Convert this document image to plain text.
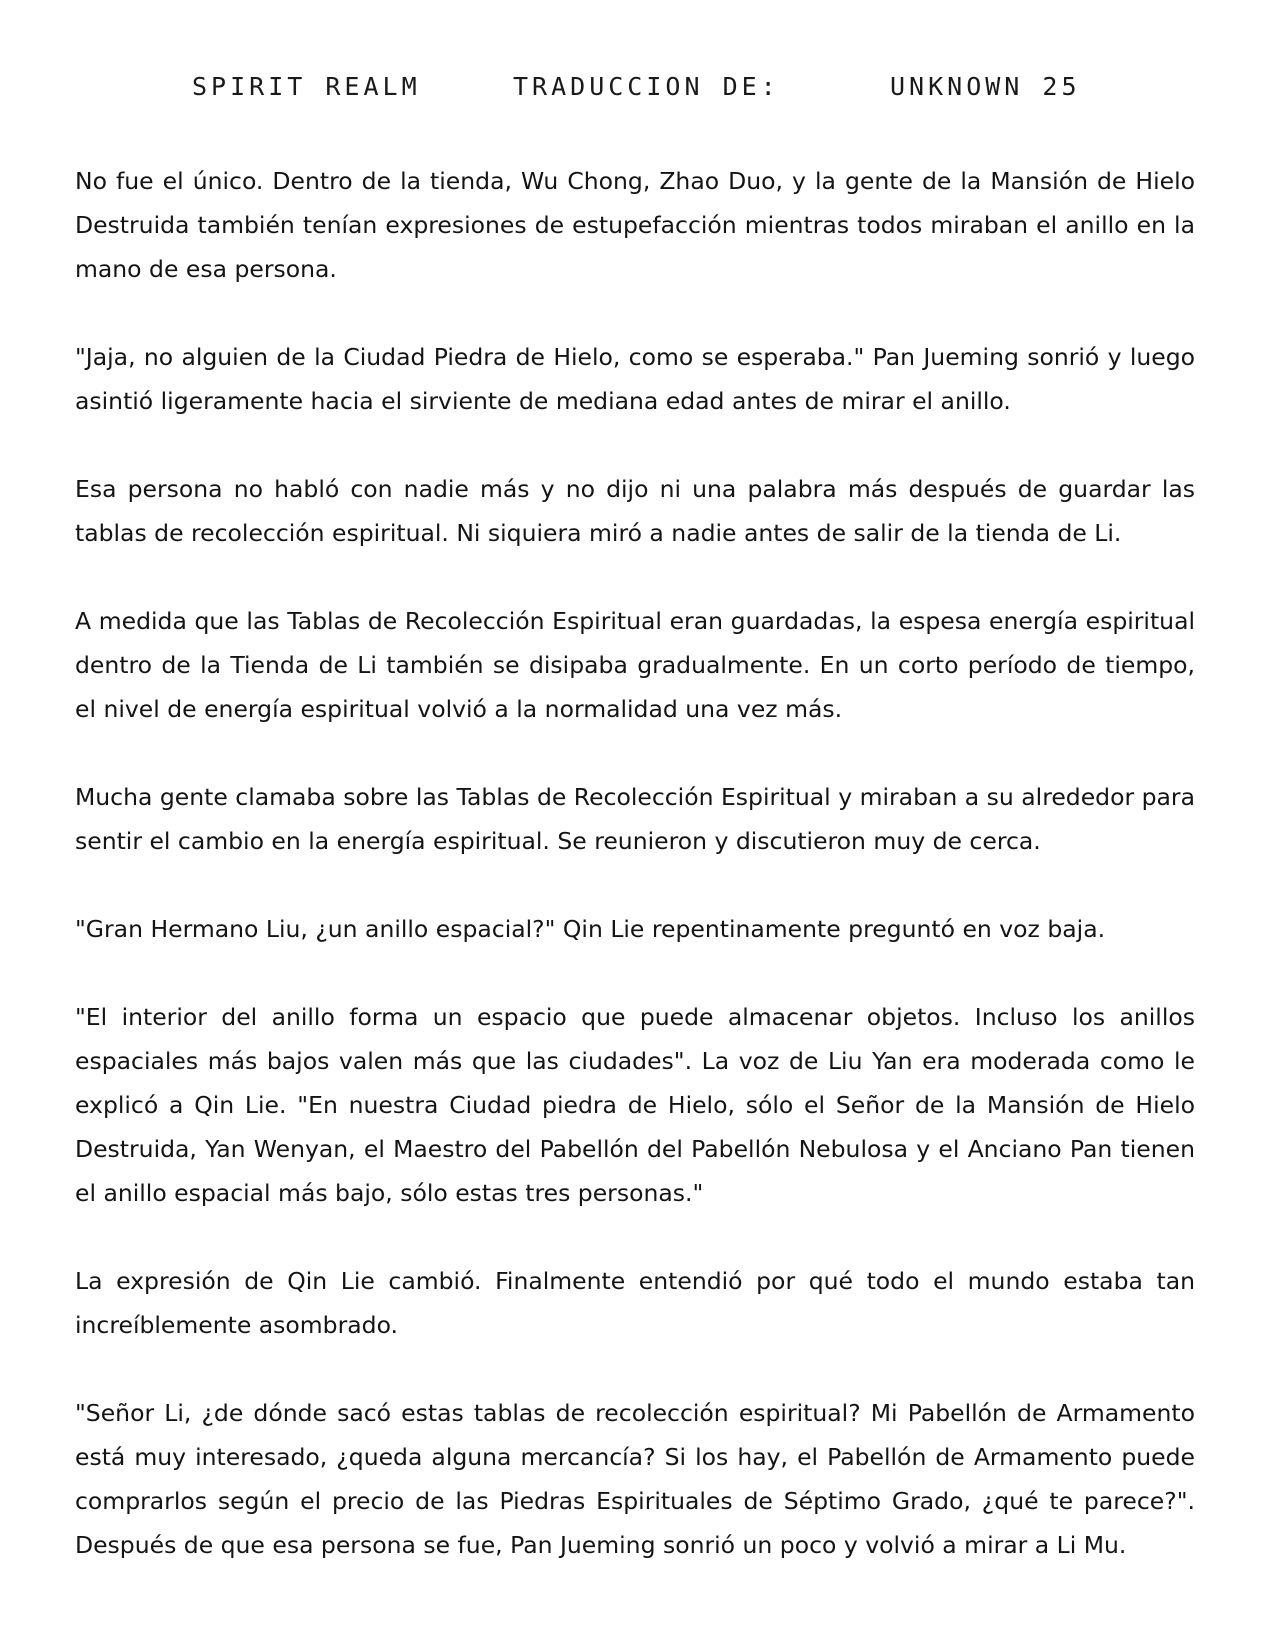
SPIRIT REALM	TRADUCCION DE:	UNKNOWN 25

No fue el único. Dentro de la tienda, Wu Chong, Zhao Duo, y la gente de la Mansión de Hielo Destruida también tenían expresiones de estupefacción mientras todos miraban el anillo en la mano de esa persona.

"Jaja, no alguien de la Ciudad Piedra de Hielo, como se esperaba." Pan Jueming sonrió y luego asintió ligeramente hacia el sirviente de mediana edad antes de mirar el anillo.

Esa persona no habló con nadie más y no dijo ni una palabra más después de guardar las tablas de recolección espiritual. Ni siquiera miró a nadie antes de salir de la tienda de Li.

A medida que las Tablas de Recolección Espiritual eran guardadas, la espesa energía espiritual dentro de la Tienda de Li también se disipaba gradualmente. En un corto período de tiempo, el nivel de energía espiritual volvió a la normalidad una vez más.

Mucha gente clamaba sobre las Tablas de Recolección Espiritual y miraban a su alrededor para sentir el cambio en la energía espiritual. Se reunieron y discutieron muy de cerca.

"Gran Hermano Liu, ¿un anillo espacial?" Qin Lie repentinamente preguntó en voz baja.

"El interior del anillo forma un espacio que puede almacenar objetos. Incluso los anillos espaciales más bajos valen más que las ciudades". La voz de Liu Yan era moderada como le explicó a Qin Lie. "En nuestra Ciudad piedra de Hielo, sólo el Señor de la Mansión de Hielo Destruida, Yan Wenyan, el Maestro del Pabellón del Pabellón Nebulosa y el Anciano Pan tienen el anillo espacial más bajo, sólo estas tres personas."

La expresión de Qin Lie cambió. Finalmente entendió por qué todo el mundo estaba tan increíblemente asombrado.

"Señor Li, ¿de dónde sacó estas tablas de recolección espiritual? Mi Pabellón de Armamento está muy interesado, ¿queda alguna mercancía? Si los hay, el Pabellón de Armamento puede comprarlos según el precio de las Piedras Espirituales de Séptimo Grado, ¿qué te parece?". Después de que esa persona se fue, Pan Jueming sonrió un poco y volvió a mirar a Li Mu.
